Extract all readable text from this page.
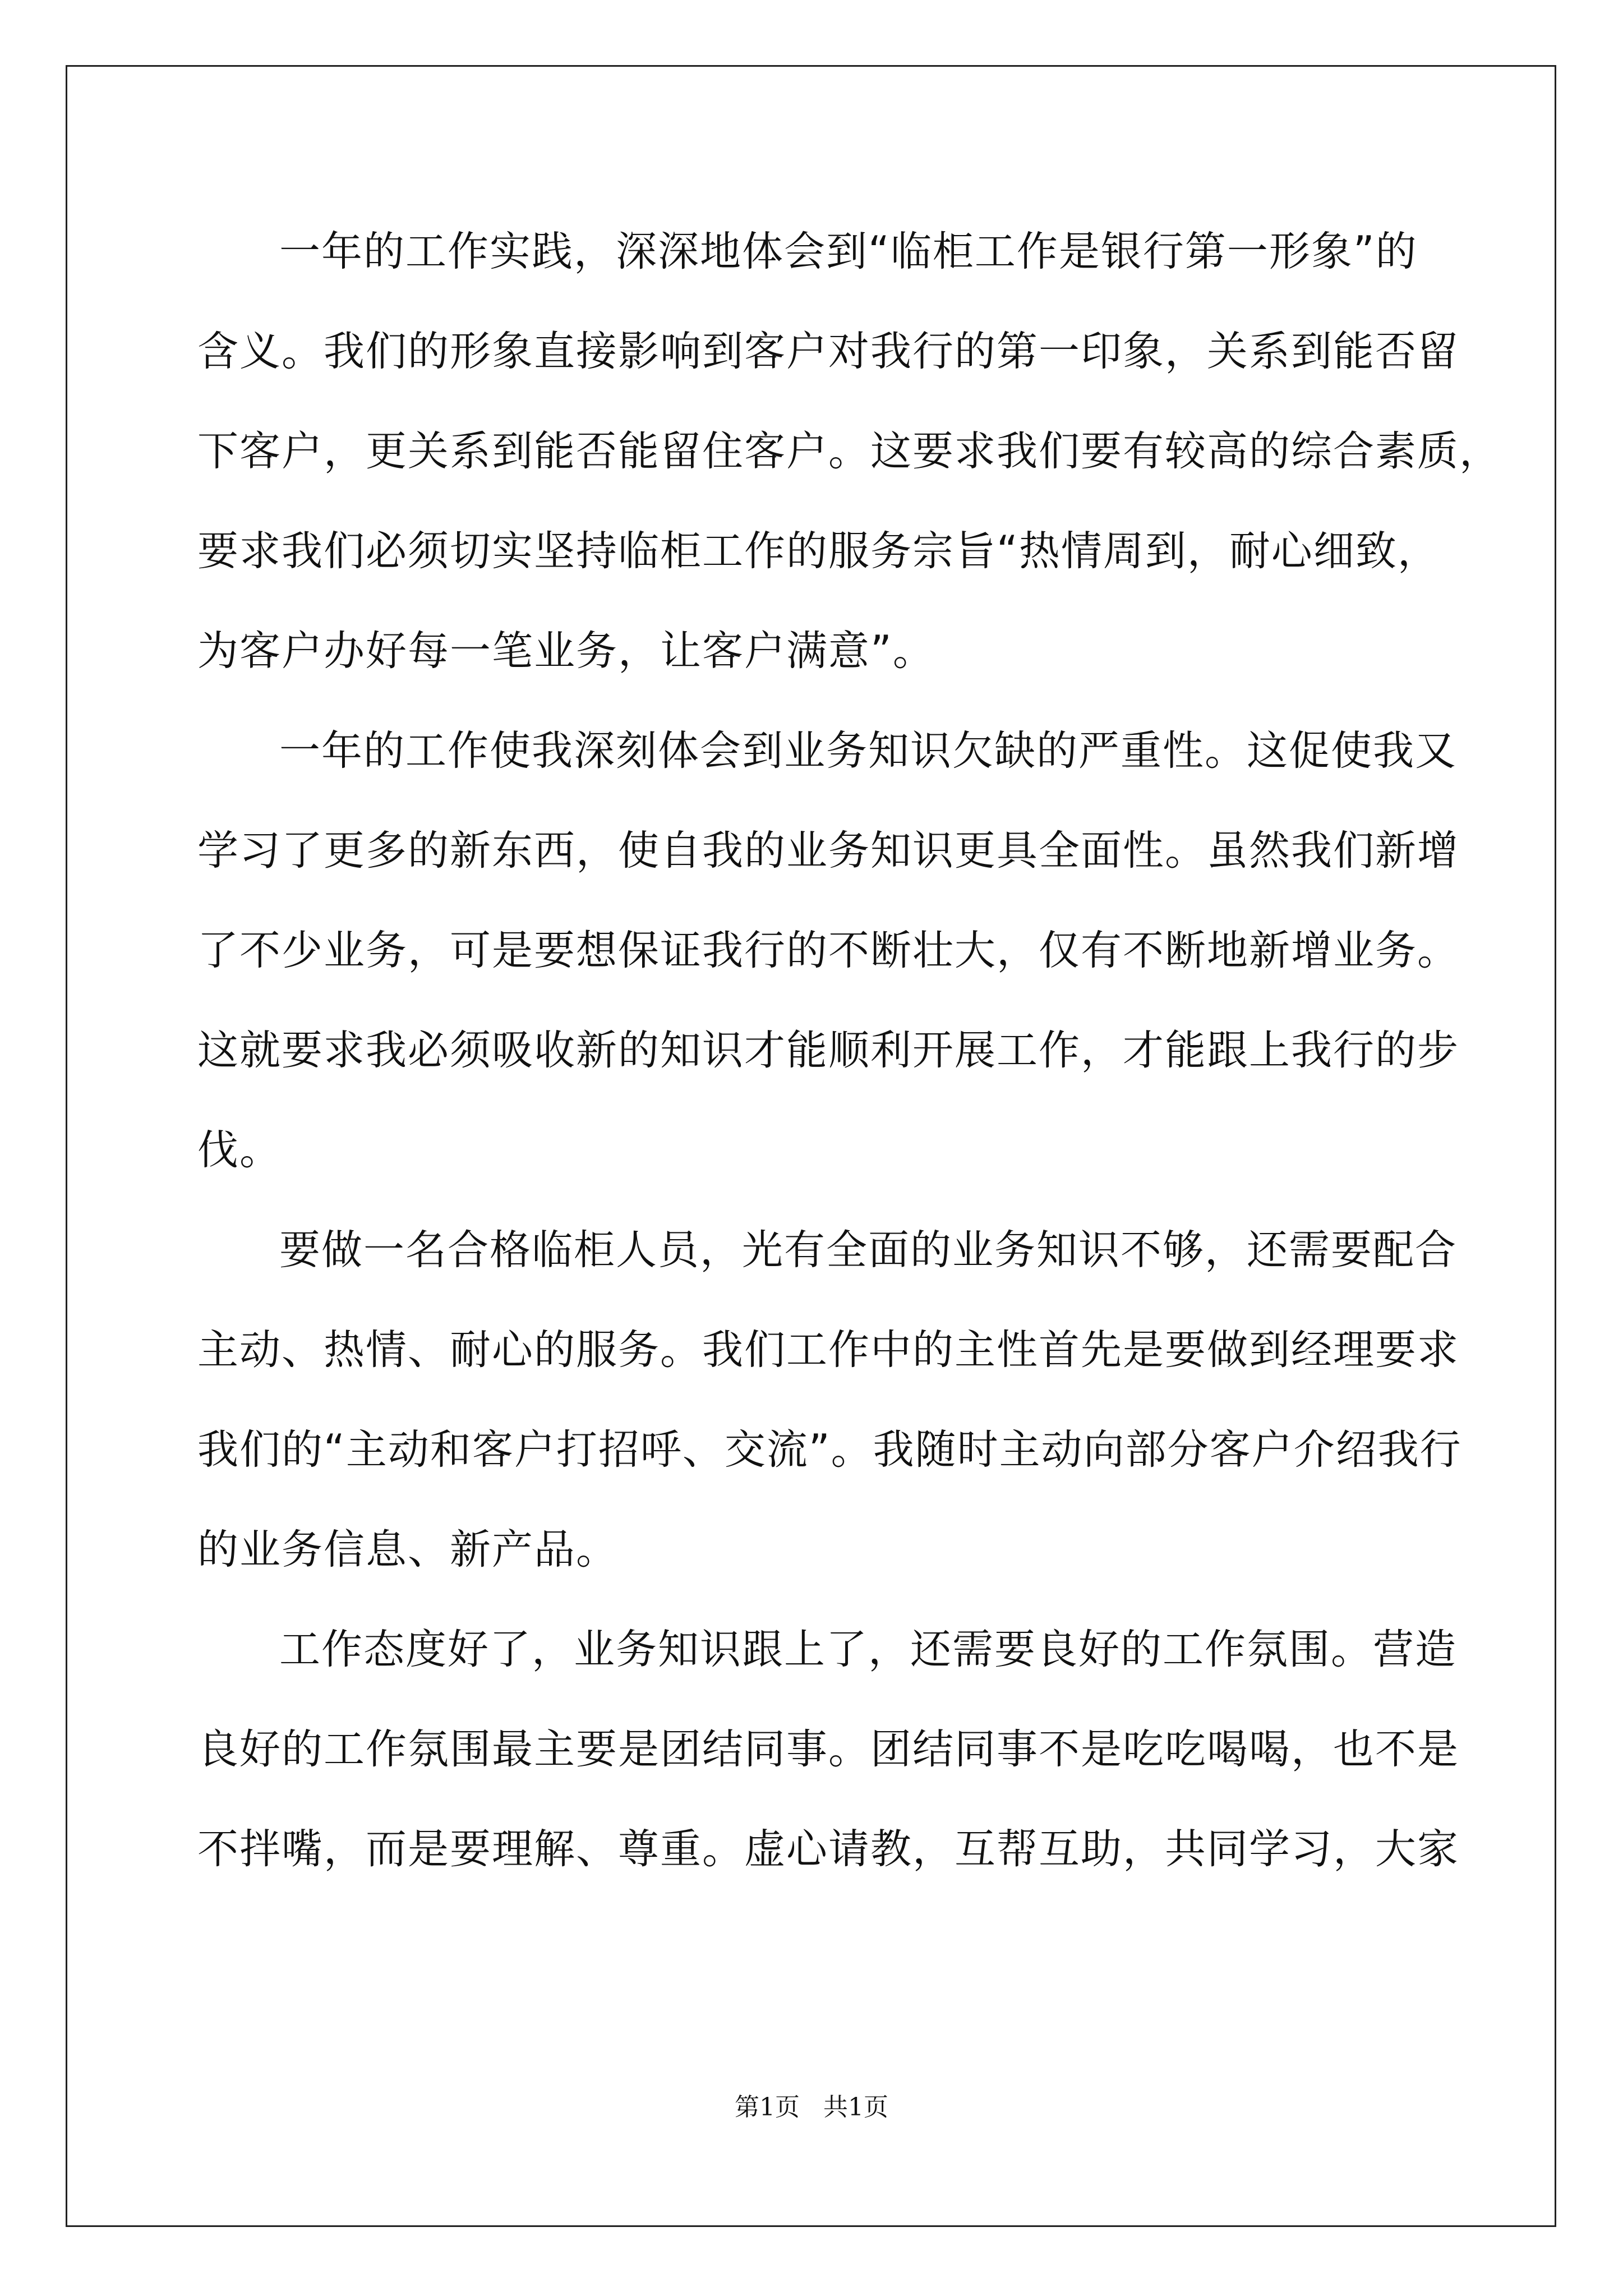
一年的工作实践，深深地体会到“临柜工作是银行第一形象”的
含义。我们的形象直接影响到客户对我行的第一印象，关系到能否留
下客户，更关系到能否能留住客户。这要求我们要有较高的综合素质，
要求我们必须切实坚持临柜工作的服务宗旨“热情周到，耐心细致，
为客户办好每一笔业务，让客户满意”。
一年的工作使我深刻体会到业务知识欠缺的严重性。这促使我又
学习了更多的新东西，使自我的业务知识更具全面性。虽然我们新增
了不少业务，可是要想保证我行的不断壮大，仅有不断地新增业务。
这就要求我必须吸收新的知识才能顺利开展工作，才能跟上我行的步
伐。
要做一名合格临柜人员，光有全面的业务知识不够，还需要配合
主动、热情、耐心的服务。我们工作中的主性首先是要做到经理要求
我们的“主动和客户打招呼、交流”。我随时主动向部分客户介绍我行
的业务信息、新产品。
工作态度好了，业务知识跟上了，还需要良好的工作氛围。营造
良好的工作氛围最主要是团结同事。团结同事不是吃吃喝喝，也不是
不拌嘴，而是要理解、尊重。虚心请教，互帮互助，共同学习，大家
第1页   共1页
